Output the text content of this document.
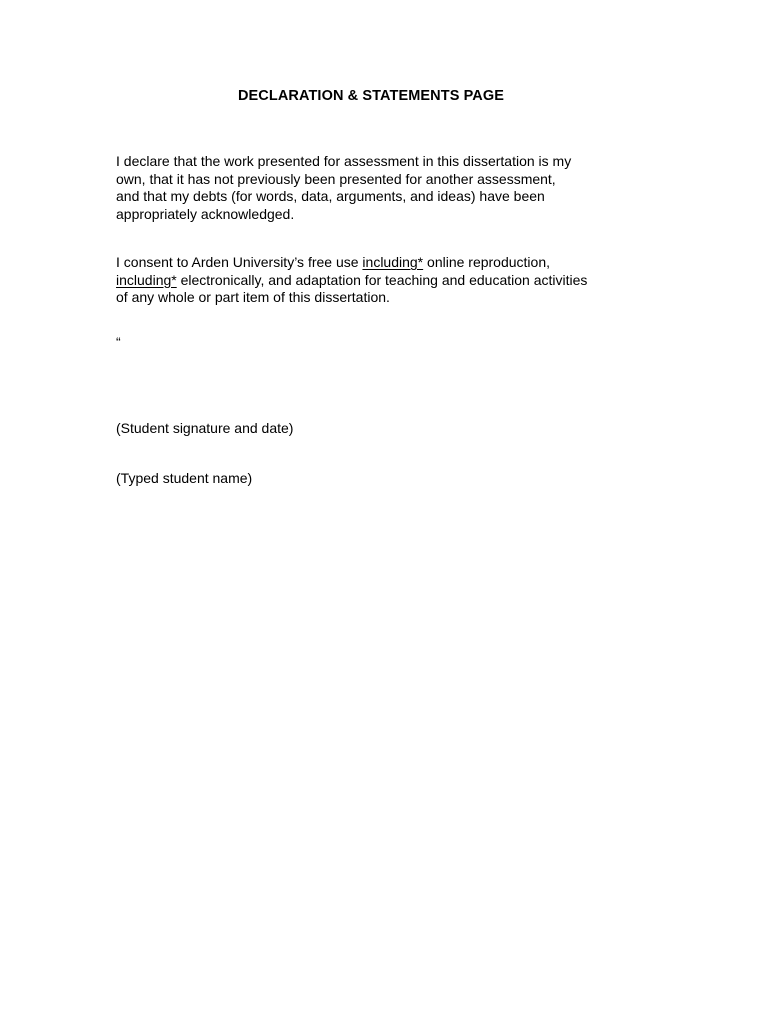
DECLARATION & STATEMENTS PAGE
I declare that the work presented for assessment in this dissertation is my
own, that it has not previously been presented for another assessment,
and that my debts (for words, data, arguments, and ideas) have been
appropriately acknowledged.
I consent to Arden University’s free use including* online reproduction,
including* electronically, and adaptation for teaching and education activities
of any whole or part item of this dissertation.
“
(Student signature and date)
(Typed student name)
